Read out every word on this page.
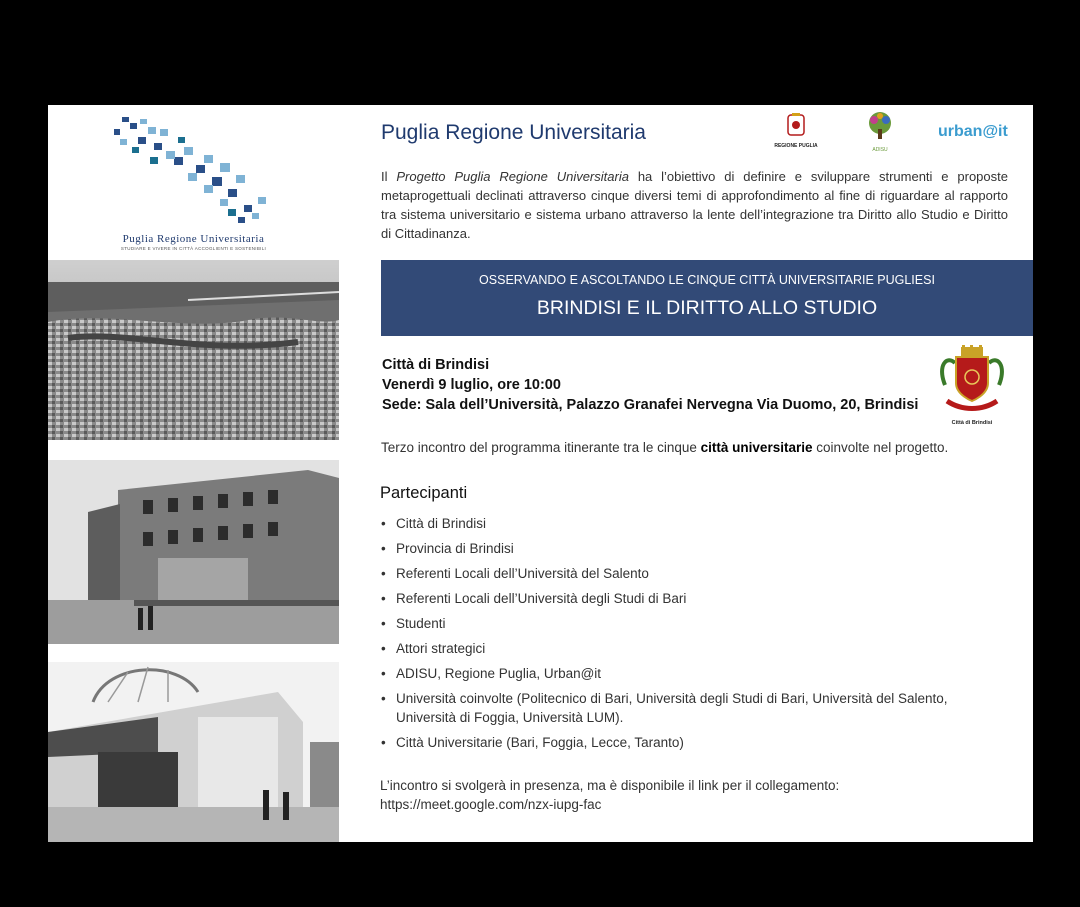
Puglia Regione Universitaria
STUDIARE E VIVERE IN CITTÀ ACCOGLIENTI E SOSTENIBILI
Puglia Regione Universitaria
REGIONE PUGLIA
ADISU
urban@it
Il Progetto Puglia Regione Universitaria ha l’obiettivo di definire e sviluppare strumenti e proposte metaprogettuali declinati attraverso cinque diversi temi di approfondimento al fine di riguardare al rapporto tra sistema universitario e sistema urbano attraverso la lente dell’integrazione tra Diritto allo Studio e Diritto di Cittadinanza.
OSSERVANDO E ASCOLTANDO LE CINQUE CITTÀ UNIVERSITARIE PUGLIESI
BRINDISI E IL DIRITTO ALLO STUDIO
Città di Brindisi
Venerdì 9 luglio, ore 10:00
Sede: Sala dell’Università, Palazzo Granafei Nervegna Via Duomo, 20, Brindisi
Città di Brindisi
Terzo incontro del programma itinerante tra le cinque città universitarie coinvolte nel progetto.
Partecipanti
• Città di Brindisi
• Provincia di Brindisi
• Referenti Locali dell’Università del Salento
• Referenti Locali dell’Università degli Studi di Bari
• Studenti
• Attori strategici
• ADISU, Regione Puglia, Urban@it
• Università coinvolte (Politecnico di Bari, Università degli Studi di Bari, Università del Salento, Università di Foggia, Università LUM).
• Città Universitarie (Bari, Foggia, Lecce, Taranto)
L’incontro si svolgerà in presenza, ma è disponibile il link per il collegamento:
https://meet.google.com/nzx-iupg-fac
